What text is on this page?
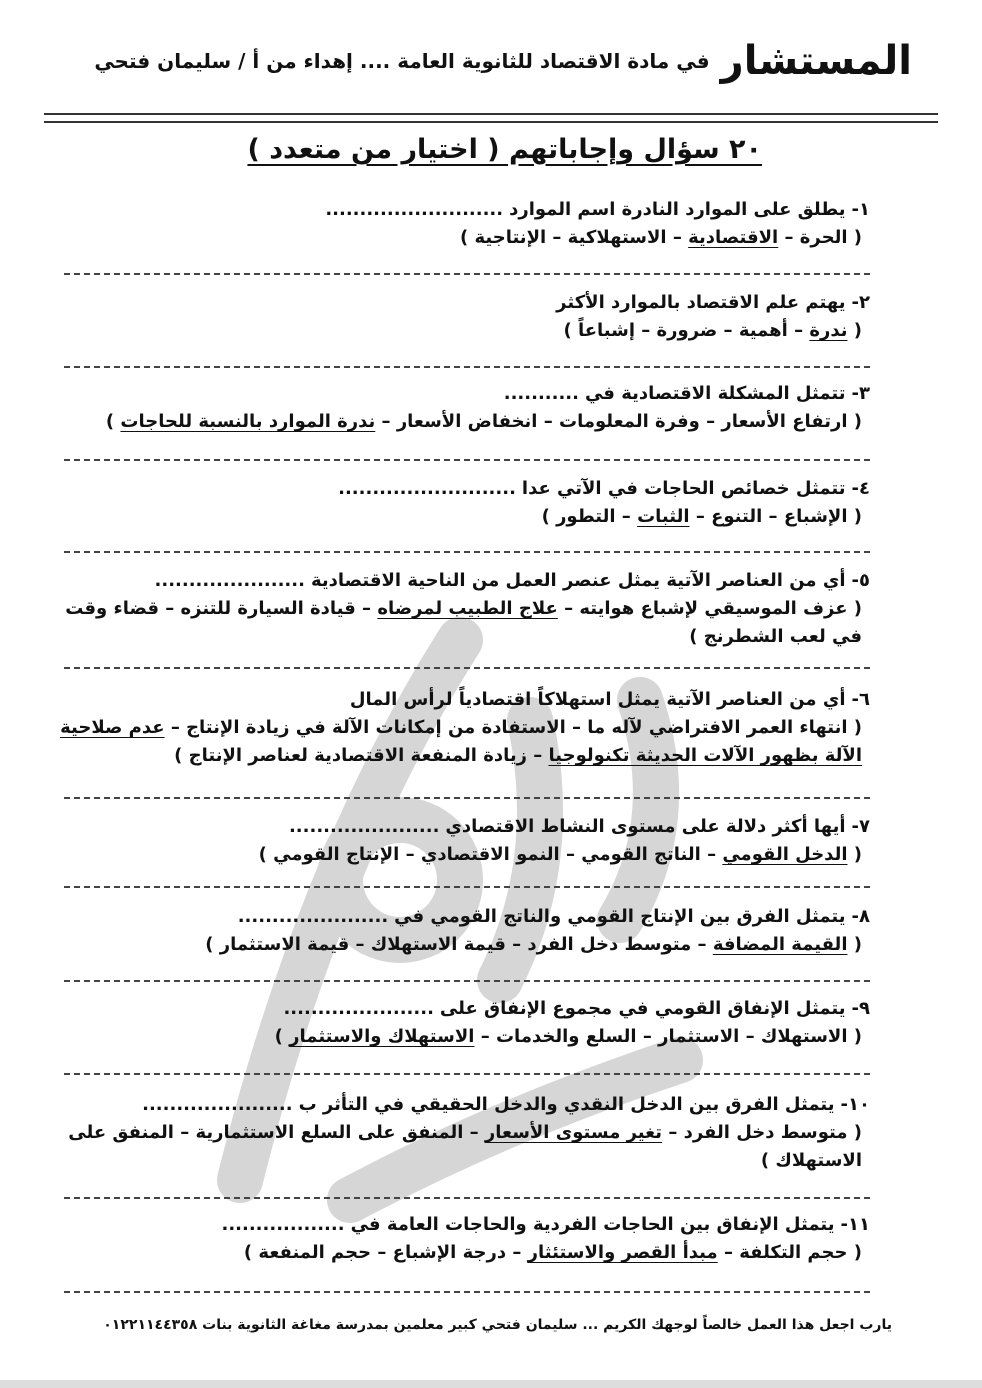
المستشار في مادة الاقتصاد للثانوية العامة .... إهداء من أ / سليمان فتحي
٢٠ سؤال وإجاباتهم ( اختيار من متعدد )
١-يطلق على الموارد النادرة اسم الموارد..........................
( الحرة – الاقتصادية – الاستهلاكية – الإنتاجية )
٢-يهتم علم الاقتصاد بالموارد الأكثر
( ندرة – أهمية – ضرورة – إشباعاً )
٣-تتمثل المشكلة الاقتصادية في...........
( ارتفاع الأسعار – وفرة المعلومات – انخفاض الأسعار – ندرة الموارد بالنسبة للحاجات )
٤-تتمثل خصائص الحاجات في الآتي عدا..........................
( الإشباع – التنوع – الثبات – التطور )
٥-أي من العناصر الآتية يمثل عنصر العمل من الناحية الاقتصادية......................
( عزف الموسيقي لإشباع هوايته – علاج الطبيب لمرضاه – قيادة السيارة للتنزه – قضاء وقت في لعب الشطرنج )
٦-أي من العناصر الآتية يمثل استهلاكاً اقتصادياً لرأس المال
( انتهاء العمر الافتراضي لآله ما – الاستفادة من إمكانات الآلة في زيادة الإنتاج – عدم صلاحية الآلة بظهور الآلات الحديثة تكنولوجيا – زيادة المنفعة الاقتصادية لعناصر الإنتاج )
٧-أيها أكثر دلالة على مستوى النشاط الاقتصادي......................
( الدخل القومي – الناتج القومي – النمو الاقتصادي – الإنتاج القومي )
٨-يتمثل الفرق بين الإنتاج القومي والناتج القومي في......................
( القيمة المضافة – متوسط دخل الفرد – قيمة الاستهلاك – قيمة الاستثمار )
٩-يتمثل الإنفاق القومي في مجموع الإنفاق على......................
( الاستهلاك – الاستثمار – السلع والخدمات – الاستهلاك والاستثمار )
١٠-يتمثل الفرق بين الدخل النقدي والدخل الحقيقي في التأثر ب......................
( متوسط دخل الفرد – تغير مستوى الأسعار – المنفق على السلع الاستثمارية – المنفق على الاستهلاك )
١١-يتمثل الإنفاق بين الحاجات الفردية والحاجات العامة في..................
( حجم التكلفة – مبدأ القصر والاستئثار – درجة الإشباع – حجم المنفعة )
يارب اجعل هذا العمل خالصاً لوجهك الكريم ... سليمان فتحي كبير معلمين بمدرسة مغاغة الثانوية بنات ٠١٢٢١١٤٤٣٥٨
